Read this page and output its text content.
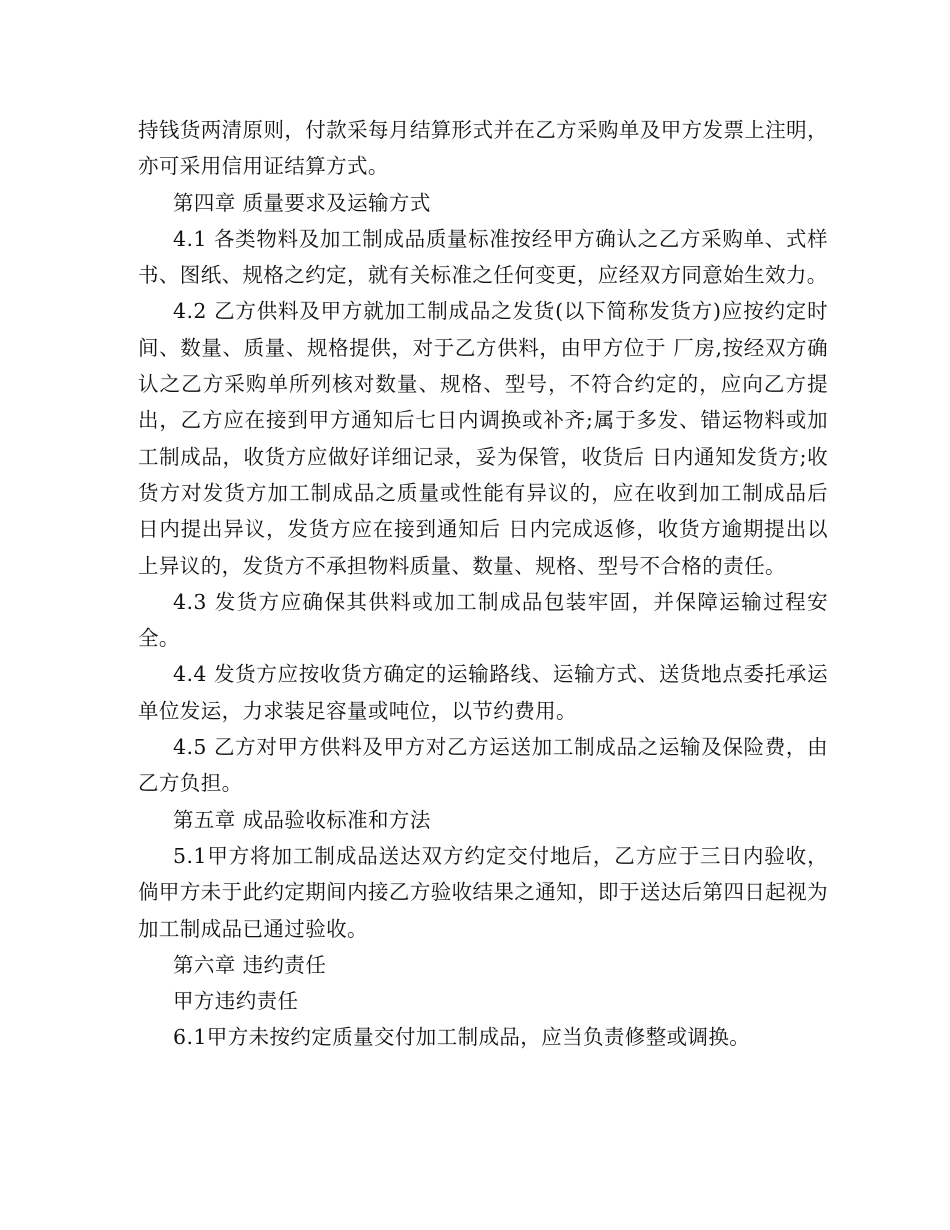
持钱货两清原则，付款采每月结算形式并在乙方采购单及甲方发票上注明，亦可采用信用证结算方式。

第四章 质量要求及运输方式

4.1 各类物料及加工制成品质量标准按经甲方确认之乙方采购单、式样书、图纸、规格之约定，就有关标准之任何变更，应经双方同意始生效力。

4.2 乙方供料及甲方就加工制成品之发货(以下简称发货方)应按约定时间、数量、质量、规格提供，对于乙方供料，由甲方位于 厂房,按经双方确认之乙方采购单所列核对数量、规格、型号，不符合约定的，应向乙方提出，乙方应在接到甲方通知后七日内调换或补齐;属于多发、错运物料或加工制成品，收货方应做好详细记录，妥为保管，收货后 日内通知发货方;收货方对发货方加工制成品之质量或性能有异议的，应在收到加工制成品后 日内提出异议，发货方应在接到通知后 日内完成返修，收货方逾期提出以上异议的，发货方不承担物料质量、数量、规格、型号不合格的责任。

4.3 发货方应确保其供料或加工制成品包装牢固，并保障运输过程安全。

4.4 发货方应按收货方确定的运输路线、运输方式、送货地点委托承运单位发运，力求装足容量或吨位，以节约费用。

4.5 乙方对甲方供料及甲方对乙方运送加工制成品之运输及保险费，由乙方负担。

第五章 成品验收标准和方法

5.1甲方将加工制成品送达双方约定交付地后，乙方应于三日内验收，倘甲方未于此约定期间内接乙方验收结果之通知，即于送达后第四日起视为加工制成品已通过验收。

第六章 违约责任

甲方违约责任

6.1甲方未按约定质量交付加工制成品，应当负责修整或调换。
